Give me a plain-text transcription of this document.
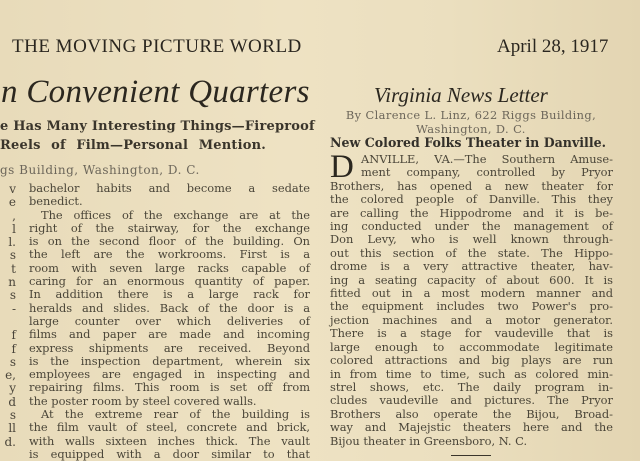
THE MOVING PICTURE WORLD	April 28, 1917
n Convenient Quarters
e Has Many Interesting Things—Fireproof
Reels of Film—Personal Mention.
gs Building, Washington, D. C.
v
e
,
l
l.
s
t
n
s
-
f
f
s
e,
y
d
s
ll
d.
bachelor habits and become a sedate
benedict.
The offices of the exchange are at the
right of the stairway, for the exchange
is on the second floor of the building. On
the left are the workrooms. First is a
room with seven large racks capable of
caring for an enormous quantity of paper.
In addition there is a large rack for
heralds and slides. Back of the door is a
large counter over which deliveries of
films and paper are made and incoming
express shipments are received. Beyond
is the inspection department, wherein six
employees are engaged in inspecting and
repairing films. This room is set off from
the poster room by steel covered walls.
At the extreme rear of the building is
the film vault of steel, concrete and brick,
with walls sixteen inches thick. The vault
is equipped with a door similar to that
Virginia News Letter
By Clarence L. Linz, 622 Riggs Building,
Washington, D. C.
New Colored Folks Theater in Danville.
D ANVILLE, VA.—The Southern Amuse-
ment company, controlled by Pryor
Brothers, has opened a new theater for
the colored people of Danville. This they
are calling the Hippodrome and it is be-
ing conducted under the management of
Don Levy, who is well known through-
out this section of the state. The Hippo-
drome is a very attractive theater, hav-
ing a seating capacity of about 600. It is
fitted out in a most modern manner and
the equipment includes two Power's pro-
jection machines and a motor generator.
There is a stage for vaudeville that is
large enough to accommodate legitimate
colored attractions and big plays are run
in from time to time, such as colored min-
strel shows, etc. The daily program in-
cludes vaudeville and pictures. The Pryor
Brothers also operate the Bijou, Broad-
way and Majejstic theaters here and the
Bijou theater in Greensboro, N. C.
